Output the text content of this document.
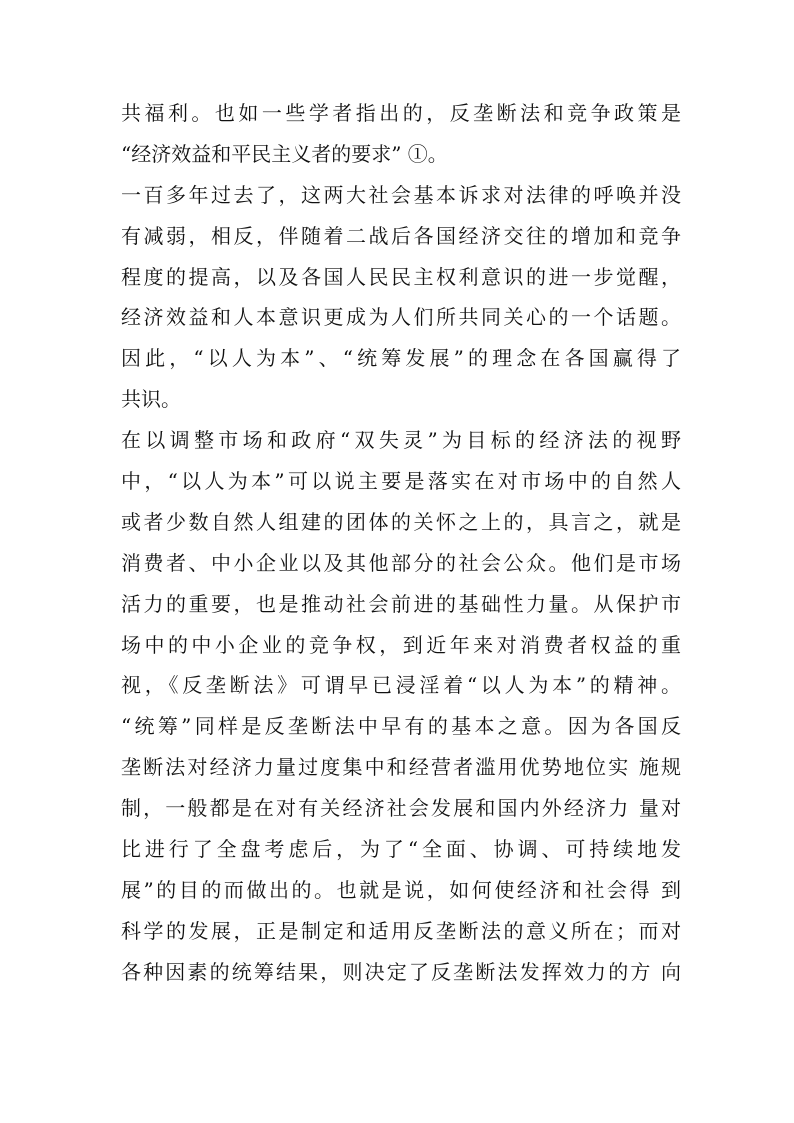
共福利。也如一些学者指出的，反垄断法和竞争政策是
“经济效益和平民主义者的要求” ①。
一百多年过去了，这两大社会基本诉求对法律的呼唤并没
有减弱，相反，伴随着二战后各国经济交往的增加和竞争
程度的提高，以及各国人民民主权利意识的进一步觉醒，
经济效益和人本意识更成为人们所共同关心的一个话题。
因此，“以人为本”、“统筹发展”的理念在各国赢得了
共识。
在以调整市场和政府“双失灵”为目标的经济法的视野
中，“以人为本”可以说主要是落实在对市场中的自然人
或者少数自然人组建的团体的关怀之上的，具言之，就是
消费者、中小企业以及其他部分的社会公众。他们是市场
活力的重要，也是推动社会前进的基础性力量。从保护市
场中的中小企业的竞争权，到近年来对消费者权益的重
视，《反垄断法》可谓早已浸淫着“以人为本”的精神。
“统筹”同样是反垄断法中早有的基本之意。因为各国反
垄断法对经济力量过度集中和经营者滥用优势地位实 施规
制，一般都是在对有关经济社会发展和国内外经济力 量对
比进行了全盘考虑后，为了“全面、协调、可持续地发
展”的目的而做出的。也就是说，如何使经济和社会得 到
科学的发展，正是制定和适用反垄断法的意义所在；而对
各种因素的统筹结果，则决定了反垄断法发挥效力的方 向
